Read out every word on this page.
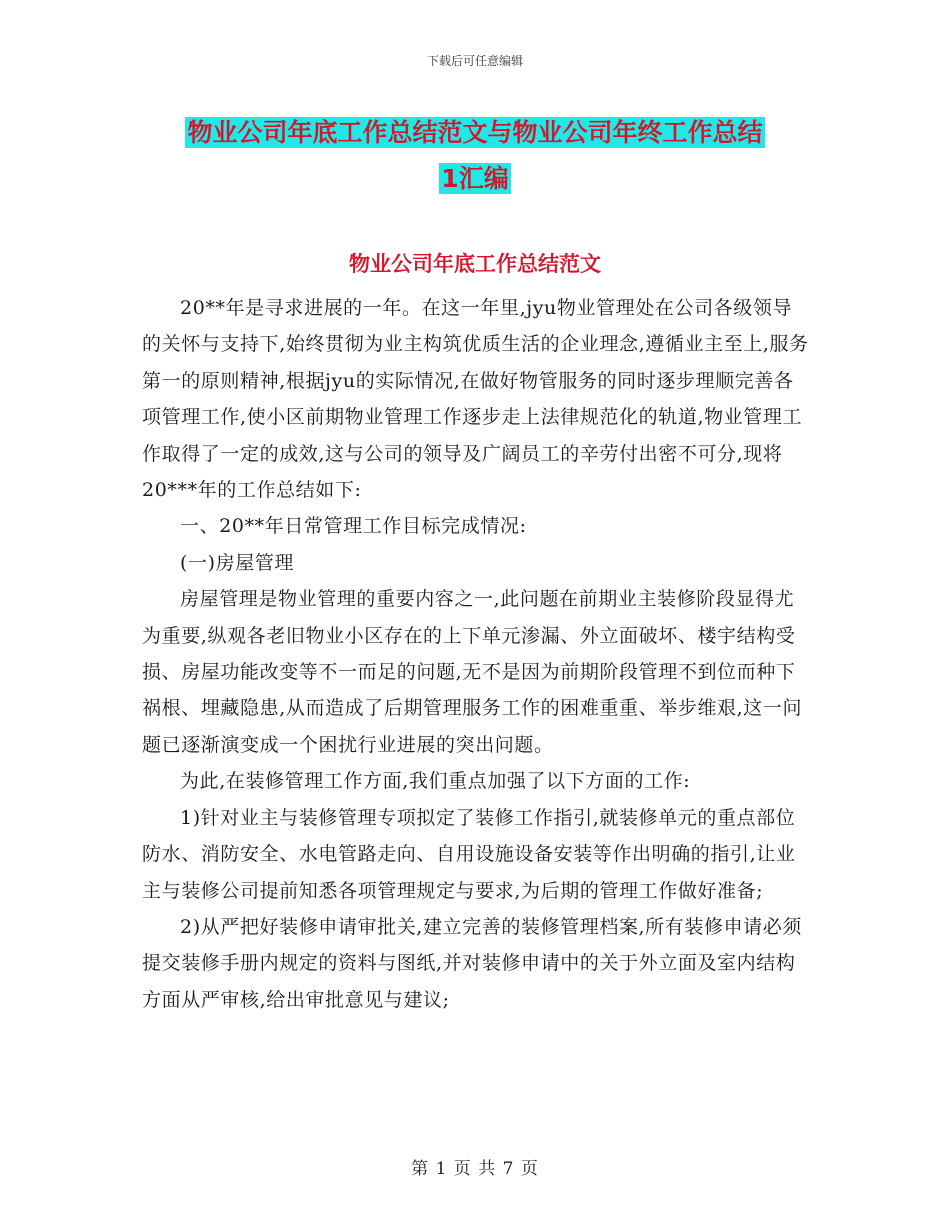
下载后可任意编辑
物业公司年底工作总结范文与物业公司年终工作总结
1汇编
物业公司年底工作总结范文

20**年是寻求进展的一年。在这一年里,jyu物业管理处在公司各级领导的关怀与支持下,始终贯彻为业主构筑优质生活的企业理念,遵循业主至上,服务第一的原则精神,根据jyu的实际情况,在做好物管服务的同时逐步理顺完善各项管理工作,使小区前期物业管理工作逐步走上法律规范化的轨道,物业管理工作取得了一定的成效,这与公司的领导及广阔员工的辛劳付出密不可分,现将20***年的工作总结如下:

一、20**年日常管理工作目标完成情况:

(一)房屋管理

房屋管理是物业管理的重要内容之一,此问题在前期业主装修阶段显得尤为重要,纵观各老旧物业小区存在的上下单元渗漏、外立面破坏、楼宇结构受损、房屋功能改变等不一而足的问题,无不是因为前期阶段管理不到位而种下祸根、埋藏隐患,从而造成了后期管理服务工作的困难重重、举步维艰,这一问题已逐渐演变成一个困扰行业进展的突出问题。

为此,在装修管理工作方面,我们重点加强了以下方面的工作:

1)针对业主与装修管理专项拟定了装修工作指引,就装修单元的重点部位防水、消防安全、水电管路走向、自用设施设备安装等作出明确的指引,让业主与装修公司提前知悉各项管理规定与要求,为后期的管理工作做好准备;

2)从严把好装修申请审批关,建立完善的装修管理档案,所有装修申请必须提交装修手册内规定的资料与图纸,并对装修申请中的关于外立面及室内结构方面从严审核,给出审批意见与建议;

第 1 页 共 7 页
